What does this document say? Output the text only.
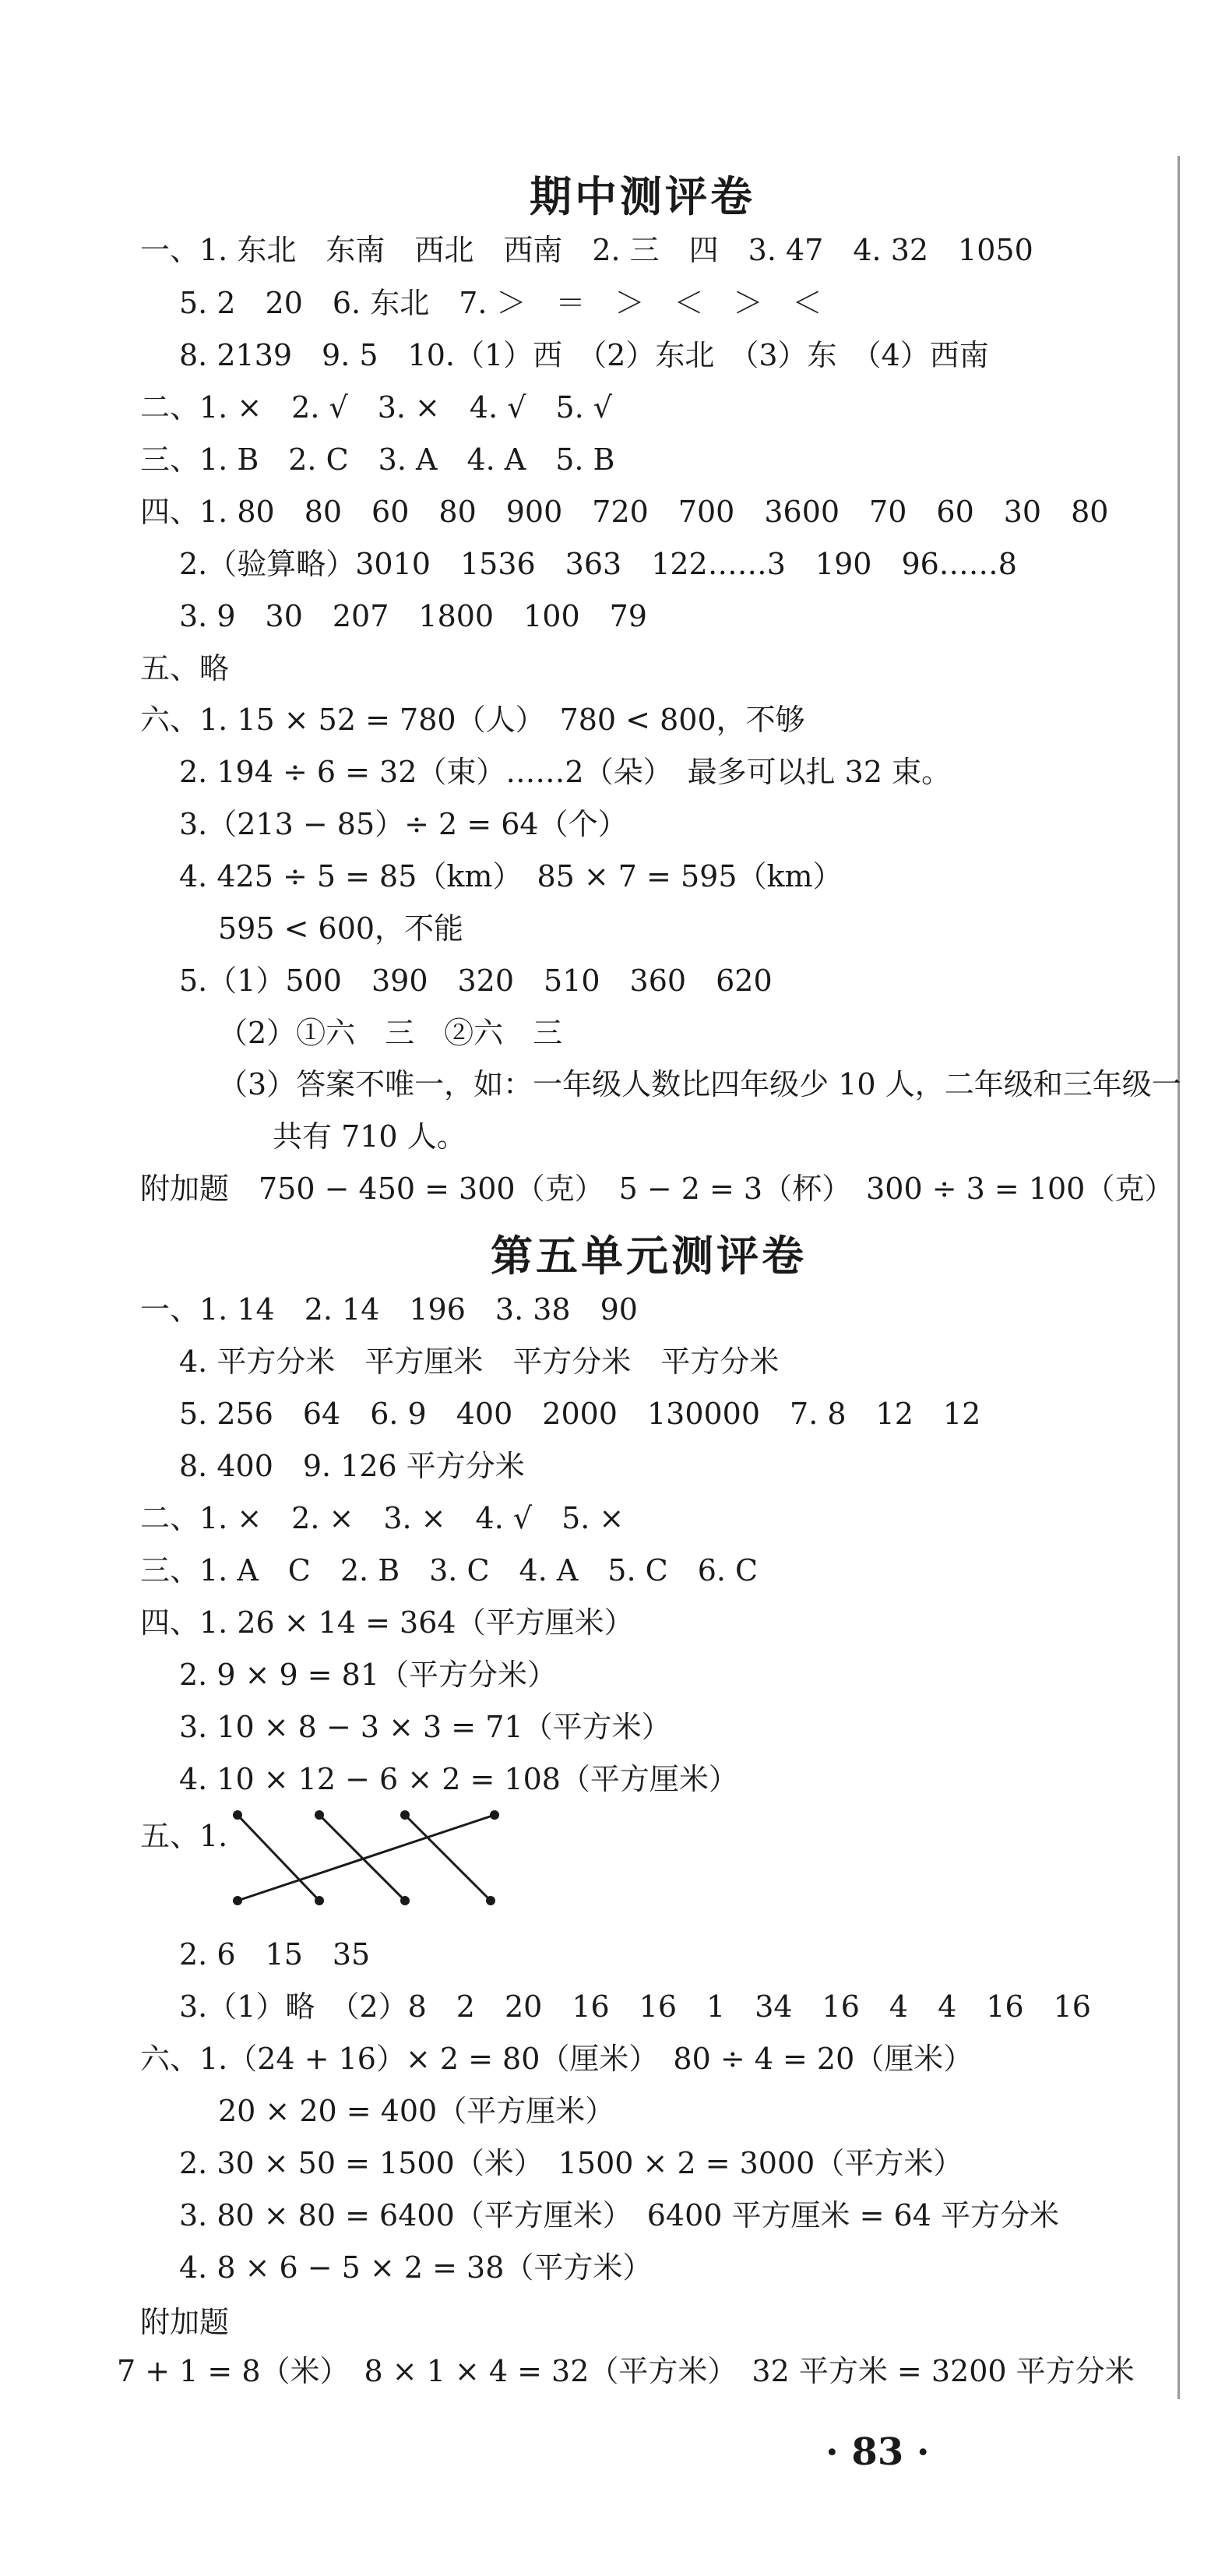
期中测评卷
一、1. 东北　东南　西北　西南　2. 三　四　3. 47　4. 32　1050
5. 2　20　6. 东北　7. ＞　＝　＞　＜　＞　＜
8. 2139　9. 5　10.（1）西　（2）东北　（3）东　（4）西南
二、1. ×　2. √　3. ×　4. √　5. √
三、1. B　2. C　3. A　4. A　5. B
四、1. 80　80　60　80　900　720　700　3600　70　60　30　80
2.（验算略）3010　1536　363　122……3　190　96……8
3. 9　30　207　1800　100　79
五、略
六、1. 15 × 52 = 780（人）　780 < 800，不够
2. 194 ÷ 6 = 32（束）……2（朵）　最多可以扎 32 束。
3.（213 − 85）÷ 2 = 64（个）
4. 425 ÷ 5 = 85（km）　85 × 7 = 595（km）
595 < 600，不能
5.（1）500　390　320　510　360　620
（2）①六　三　②六　三
（3）答案不唯一，如：一年级人数比四年级少 10 人，二年级和三年级一
共有 710 人。
附加题　750 − 450 = 300（克）　5 − 2 = 3（杯）　300 ÷ 3 = 100（克）
第五单元测评卷
一、1. 14　2. 14　196　3. 38　90
4. 平方分米　平方厘米　平方分米　平方分米
5. 256　64　6. 9　400　2000　130000　7. 8　12　12
8. 400　9. 126 平方分米
二、1. ×　2. ×　3. ×　4. √　5. ×
三、1. A　C　2. B　3. C　4. A　5. C　6. C
四、1. 26 × 14 = 364（平方厘米）
2. 9 × 9 = 81（平方分米）
3. 10 × 8 − 3 × 3 = 71（平方米）
4. 10 × 12 − 6 × 2 = 108（平方厘米）
五、1.
2. 6　15　35
3.（1）略　（2）8　2　20　16　16　1　34　16　4　4　16　16
六、1.（24 + 16）× 2 = 80（厘米）　80 ÷ 4 = 20（厘米）
20 × 20 = 400（平方厘米）
2. 30 × 50 = 1500（米）　1500 × 2 = 3000（平方米）
3. 80 × 80 = 6400（平方厘米）　6400 平方厘米 = 64 平方分米
4. 8 × 6 − 5 × 2 = 38（平方米）
附加题
7 + 1 = 8（米）　8 × 1 × 4 = 32（平方米）　32 平方米 = 3200 平方分米
· 83 ·
